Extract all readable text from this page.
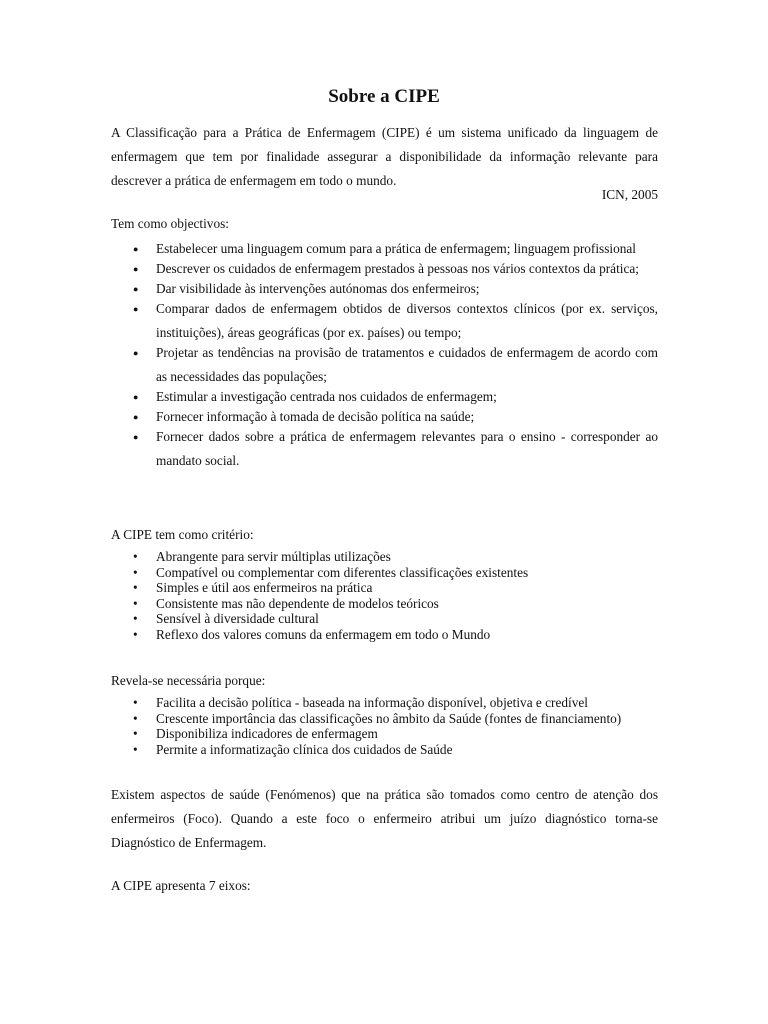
Sobre a CIPE
A Classificação para a Prática de Enfermagem (CIPE) é um sistema unificado da linguagem de enfermagem que tem por finalidade assegurar a disponibilidade da informação relevante para descrever a prática de enfermagem em todo o mundo.
ICN, 2005
Tem como objectivos:
● Estabelecer uma linguagem comum para a prática de enfermagem; linguagem profissional
● Descrever os cuidados de enfermagem prestados à pessoas nos vários contextos da prática;
● Dar visibilidade às intervenções autónomas dos enfermeiros;
● Comparar dados de enfermagem obtidos de diversos contextos clínicos (por ex. serviços, instituições), áreas geográficas (por ex. países) ou tempo;
● Projetar as tendências na provisão de tratamentos e cuidados de enfermagem de acordo com as necessidades das populações;
● Estimular a investigação centrada nos cuidados de enfermagem;
● Fornecer informação à tomada de decisão política na saúde;
● Fornecer dados sobre a prática de enfermagem relevantes para o ensino - corresponder ao mandato social.
A CIPE tem como critério:
• Abrangente para servir múltiplas utilizações
• Compatível ou complementar com diferentes classificações existentes
• Simples e útil aos enfermeiros na prática
• Consistente mas não dependente de modelos teóricos
• Sensível à diversidade cultural
• Reflexo dos valores comuns da enfermagem em todo o Mundo
Revela-se necessária porque:
• Facilita a decisão política - baseada na informação disponível, objetiva e credível
• Crescente importância das classificações no âmbito da Saúde (fontes de financiamento)
• Disponibiliza indicadores de enfermagem
• Permite a informatização clínica dos cuidados de Saúde
Existem aspectos de saúde (Fenómenos) que na prática são tomados como centro de atenção dos enfermeiros (Foco). Quando a este foco o enfermeiro atribui um juízo diagnóstico torna-se Diagnóstico de Enfermagem.
A CIPE apresenta 7 eixos:
